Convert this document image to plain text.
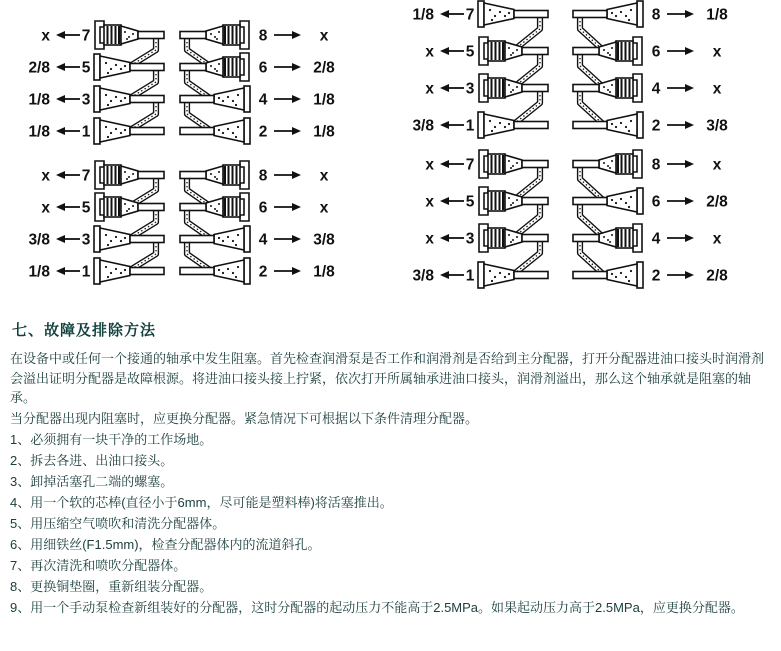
x 7
2/8 5
1/8 3
1/8 1
8	x
6	2/8
4	1/8
2	1/8
x 7
x 5
3/8 3
1/8 1
8	x
6	x
4	3/8
2	1/8
1/8 7
x 5
x 3
3/8 1
8	1/8
6	x
4	x
2	3/8
x 7
x 5
x 3
3/8 1
8	x
6	2/8
4	x
2	2/8
七、故障及排除方法

在设备中或任何一个接通的轴承中发生阻塞。首先检查润滑泵是否工作和润滑剂是否给到主分配器，打开分配器进油口接头时润滑剂会溢出证明分配器是故障根源。将进油口接头接上拧紧，依次打开所属轴承进油口接头，润滑剂溢出，那么这个轴承就是阻塞的轴承。

当分配器出现内阻塞时，应更换分配器。紧急情况下可根据以下条件清理分配器。

1、必须拥有一块干净的工作场地。

2、拆去各进、出油口接头。

3、卸掉活塞孔二端的螺塞。

4、用一个软的芯棒(直径小于6mm，尽可能是塑料棒)将活塞推出。

5、用压缩空气喷吹和清洗分配器体。

6、用细铁丝(F1.5mm)，检查分配器体内的流道斜孔。

7、再次清洗和喷吹分配器体。

8、更换铜垫圈，重新组装分配器。

9、用一个手动泵检查新组装好的分配器，这时分配器的起动压力不能高于2.5MPa。如果起动压力高于2.5MPa，应更换分配器。
